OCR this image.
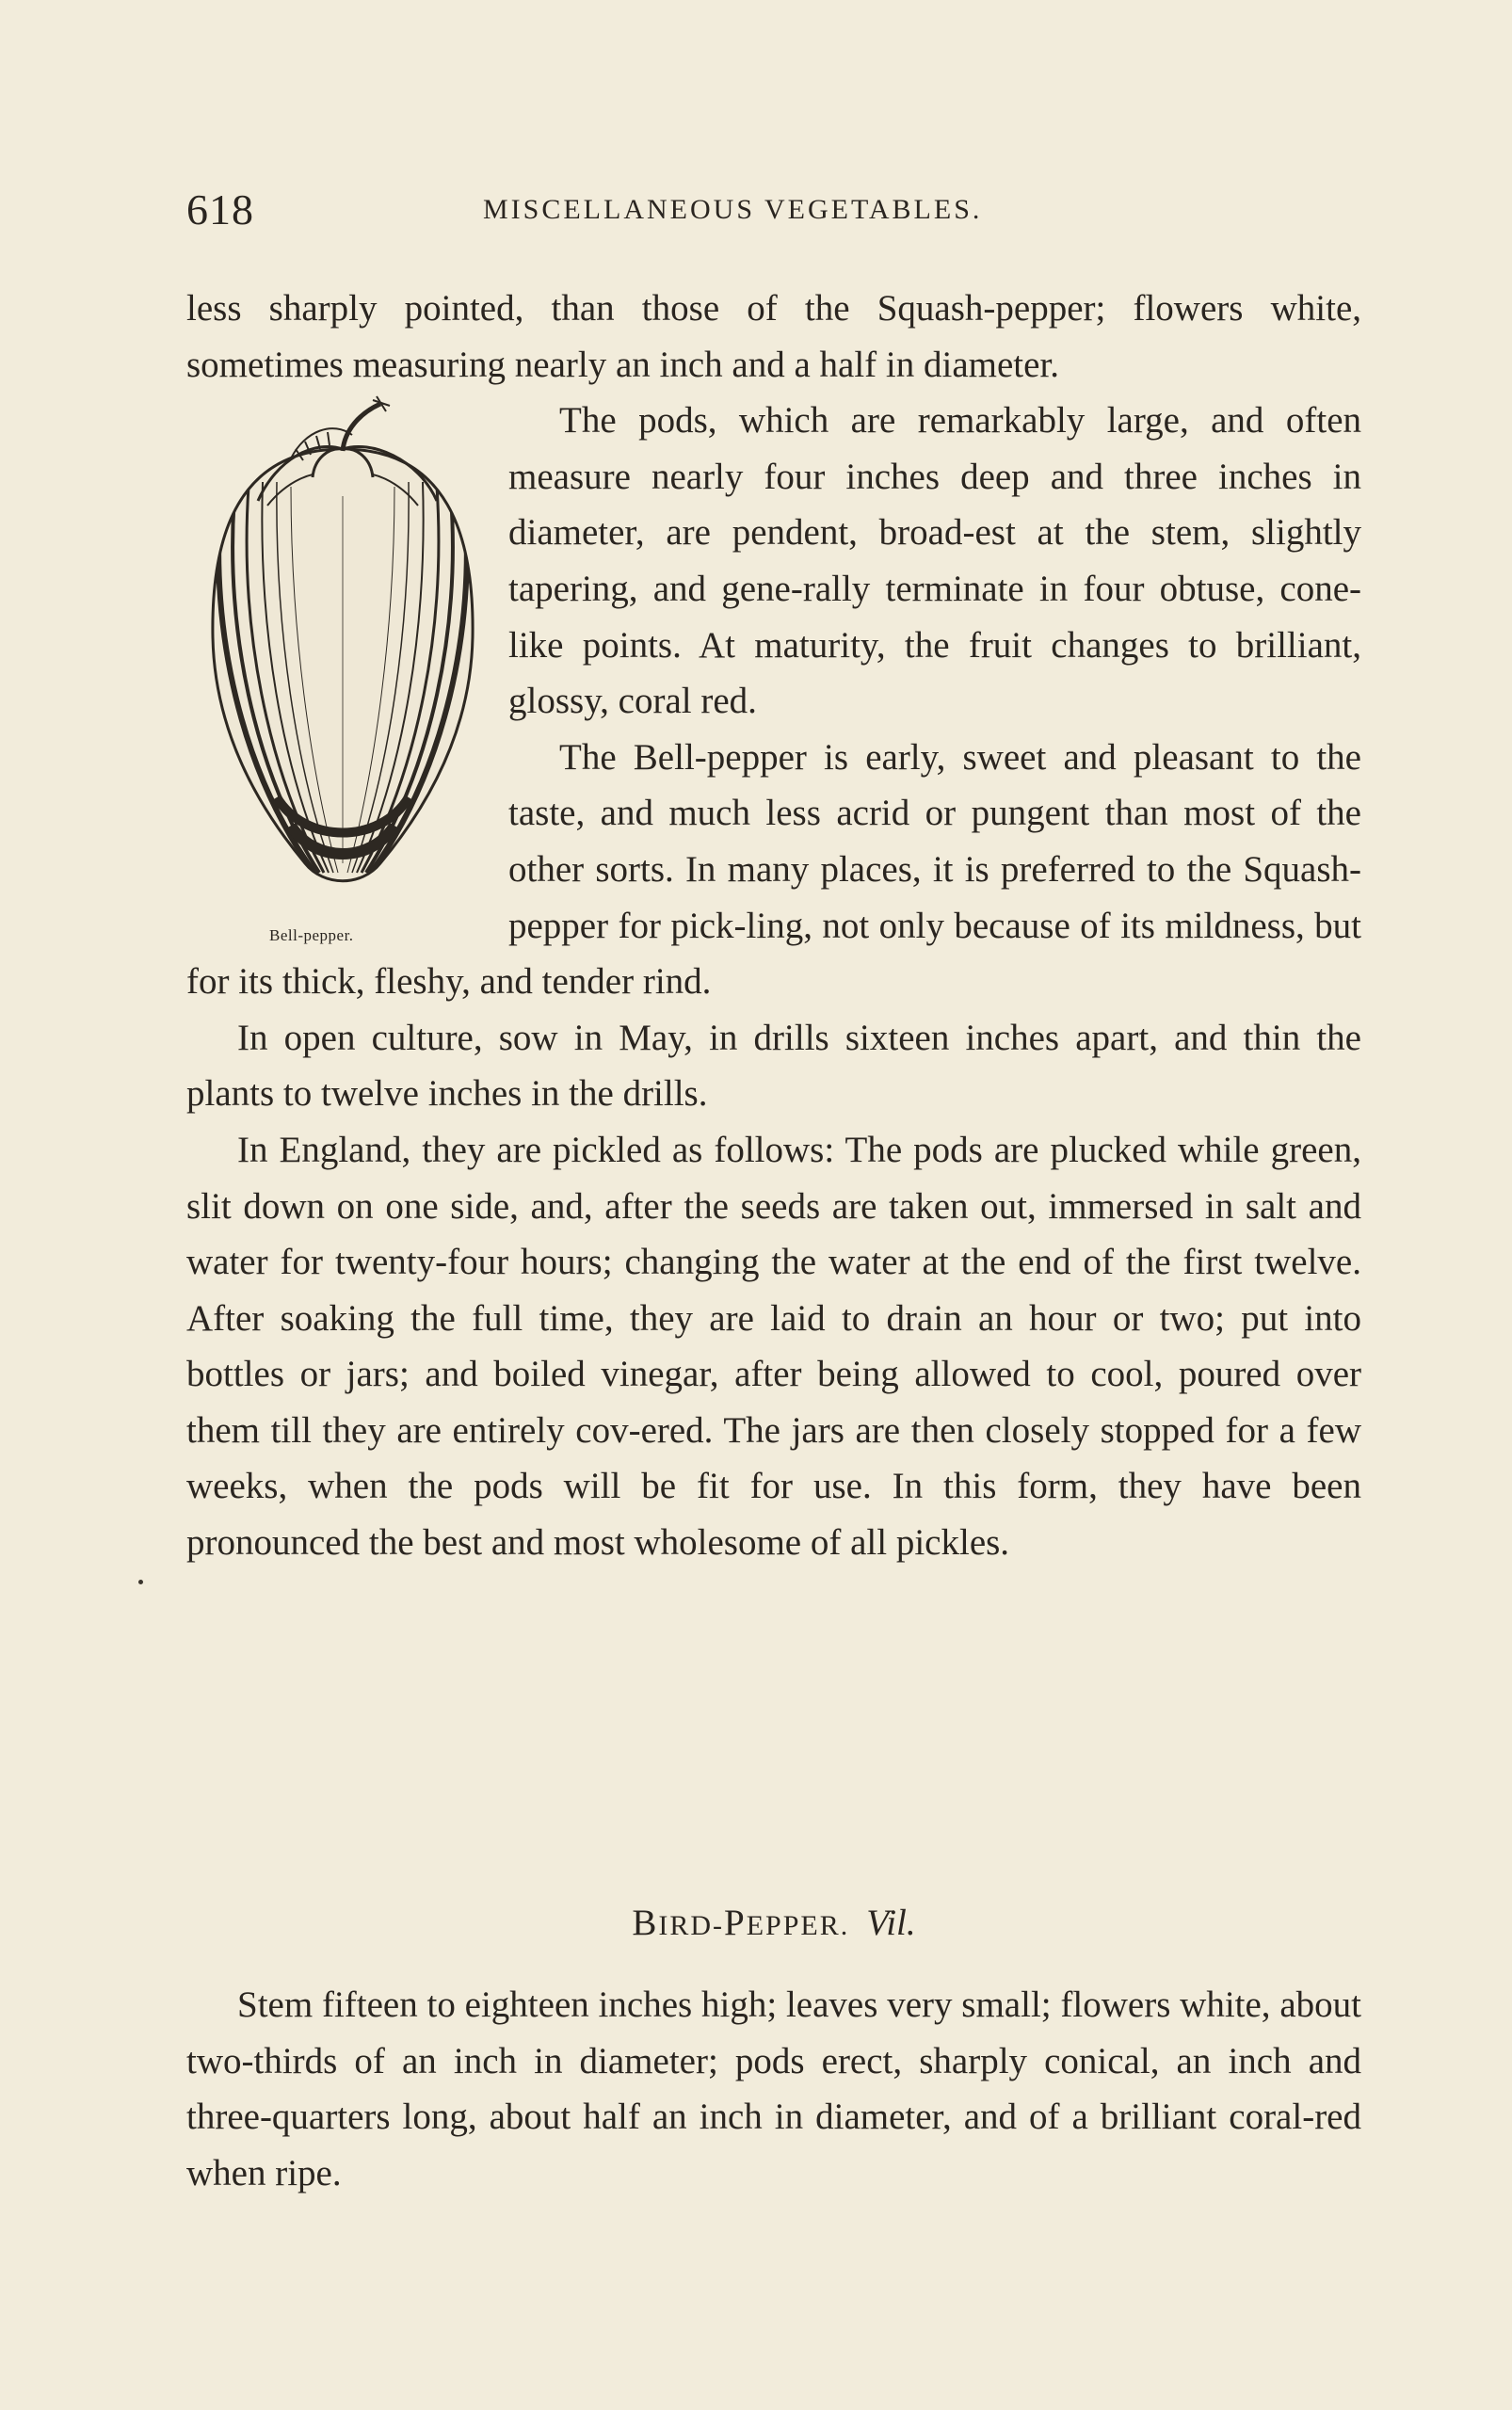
618	MISCELLANEOUS VEGETABLES.

less sharply pointed, than those of the Squash-pepper; flowers white, sometimes measuring nearly an inch and a half in diameter.

Bell-pepper.

The pods, which are remarkably large, and often measure nearly four inches deep and three inches in diameter, are pendent, broad-est at the stem, slightly tapering, and gene-rally terminate in four obtuse, cone-like points. At maturity, the fruit changes to brilliant, glossy, coral red.

The Bell-pepper is early, sweet and pleasant to the taste, and much less acrid or pungent than most of the other sorts. In many places, it is preferred to the Squash-pepper for pick-ling, not only because of its mildness, but for its thick, fleshy, and tender rind.

In open culture, sow in May, in drills sixteen inches apart, and thin the plants to twelve inches in the drills.

In England, they are pickled as follows: The pods are plucked while green, slit down on one side, and, after the seeds are taken out, immersed in salt and water for twenty-four hours; changing the water at the end of the first twelve. After soaking the full time, they are laid to drain an hour or two; put into bottles or jars; and boiled vinegar, after being allowed to cool, poured over them till they are entirely cov-ered. The jars are then closely stopped for a few weeks, when the pods will be fit for use. In this form, they have been pronounced the best and most wholesome of all pickles.

BIRD-PEPPER. Vil.

Stem fifteen to eighteen inches high; leaves very small; flowers white, about two-thirds of an inch in diameter; pods erect, sharply conical, an inch and three-quarters long, about half an inch in diameter, and of a brilliant coral-red when ripe.
